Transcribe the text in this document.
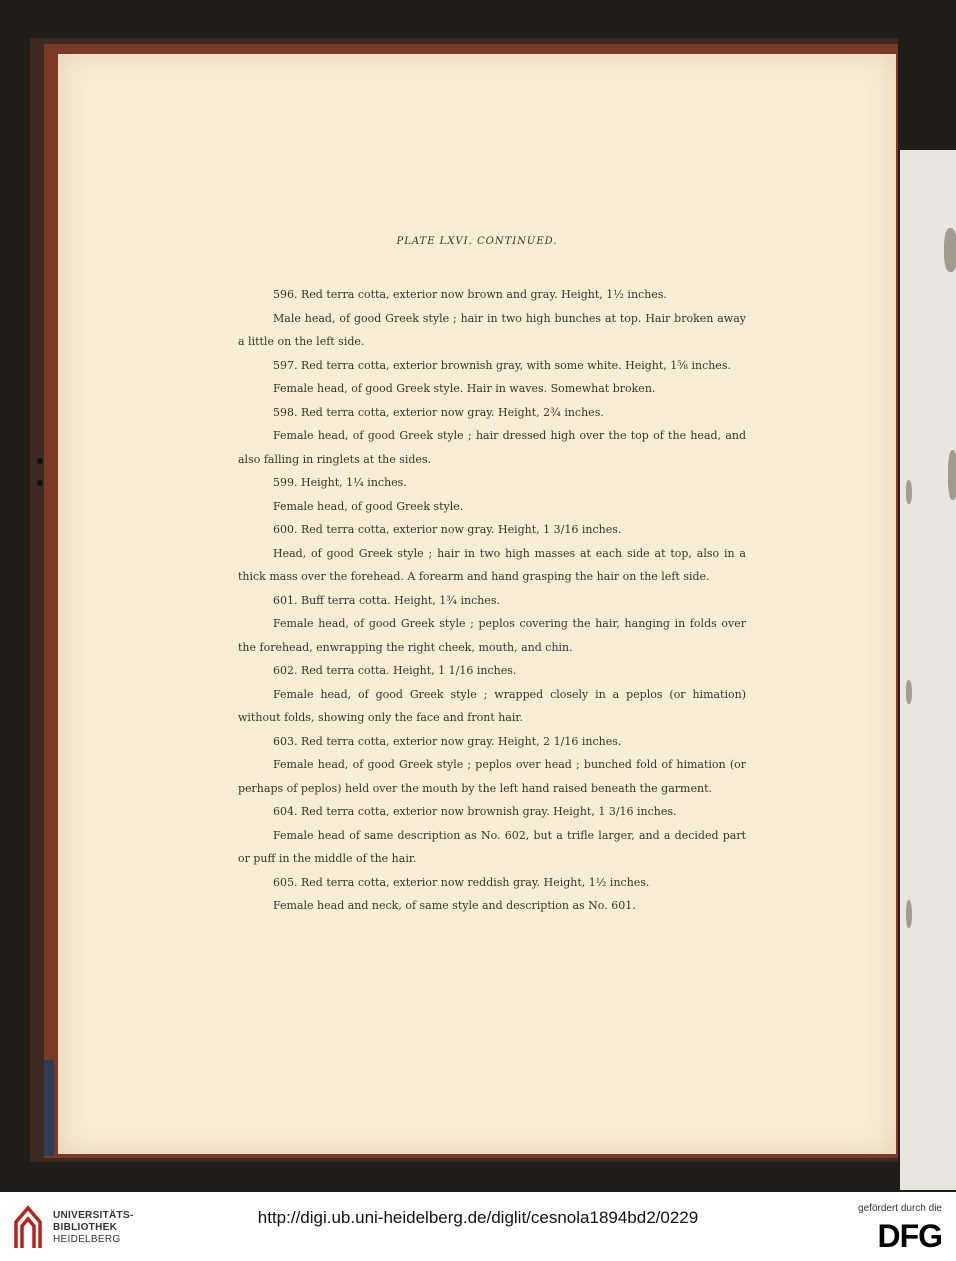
PLATE LXVI. CONTINUED.

596. Red terra cotta, exterior now brown and gray. Height, 1½ inches.

Male head, of good Greek style ; hair in two high bunches at top. Hair broken away a little on the left side.

597. Red terra cotta, exterior brownish gray, with some white. Height, 1⅝ inches.

Female head, of good Greek style. Hair in waves. Somewhat broken.

598. Red terra cotta, exterior now gray. Height, 2¾ inches.

Female head, of good Greek style ; hair dressed high over the top of the head, and also falling in ringlets at the sides.

599. Height, 1¼ inches.

Female head, of good Greek style.

600. Red terra cotta, exterior now gray. Height, 1 3/16 inches.

Head, of good Greek style ; hair in two high masses at each side at top, also in a thick mass over the forehead. A forearm and hand grasping the hair on the left side.

601. Buff terra cotta. Height, 1¾ inches.

Female head, of good Greek style ; peplos covering the hair, hanging in folds over the forehead, enwrapping the right cheek, mouth, and chin.

602. Red terra cotta. Height, 1 1/16 inches.

Female head, of good Greek style ; wrapped closely in a peplos (or himation) without folds, showing only the face and front hair.

603. Red terra cotta, exterior now gray. Height, 2 1/16 inches.

Female head, of good Greek style ; peplos over head ; bunched fold of himation (or perhaps of peplos) held over the mouth by the left hand raised beneath the garment.

604. Red terra cotta, exterior now brownish gray. Height, 1 3/16 inches.

Female head of same description as No. 602, but a trifle larger, and a decided part or puff in the middle of the hair.

605. Red terra cotta, exterior now reddish gray. Height, 1½ inches.

Female head and neck, of same style and description as No. 601.

UNIVERSITÄTS-
BIBLIOTHEK
HEIDELBERG
http://digi.ub.uni-heidelberg.de/diglit/cesnola1894bd2/0229	gefördert durch die
DFG
